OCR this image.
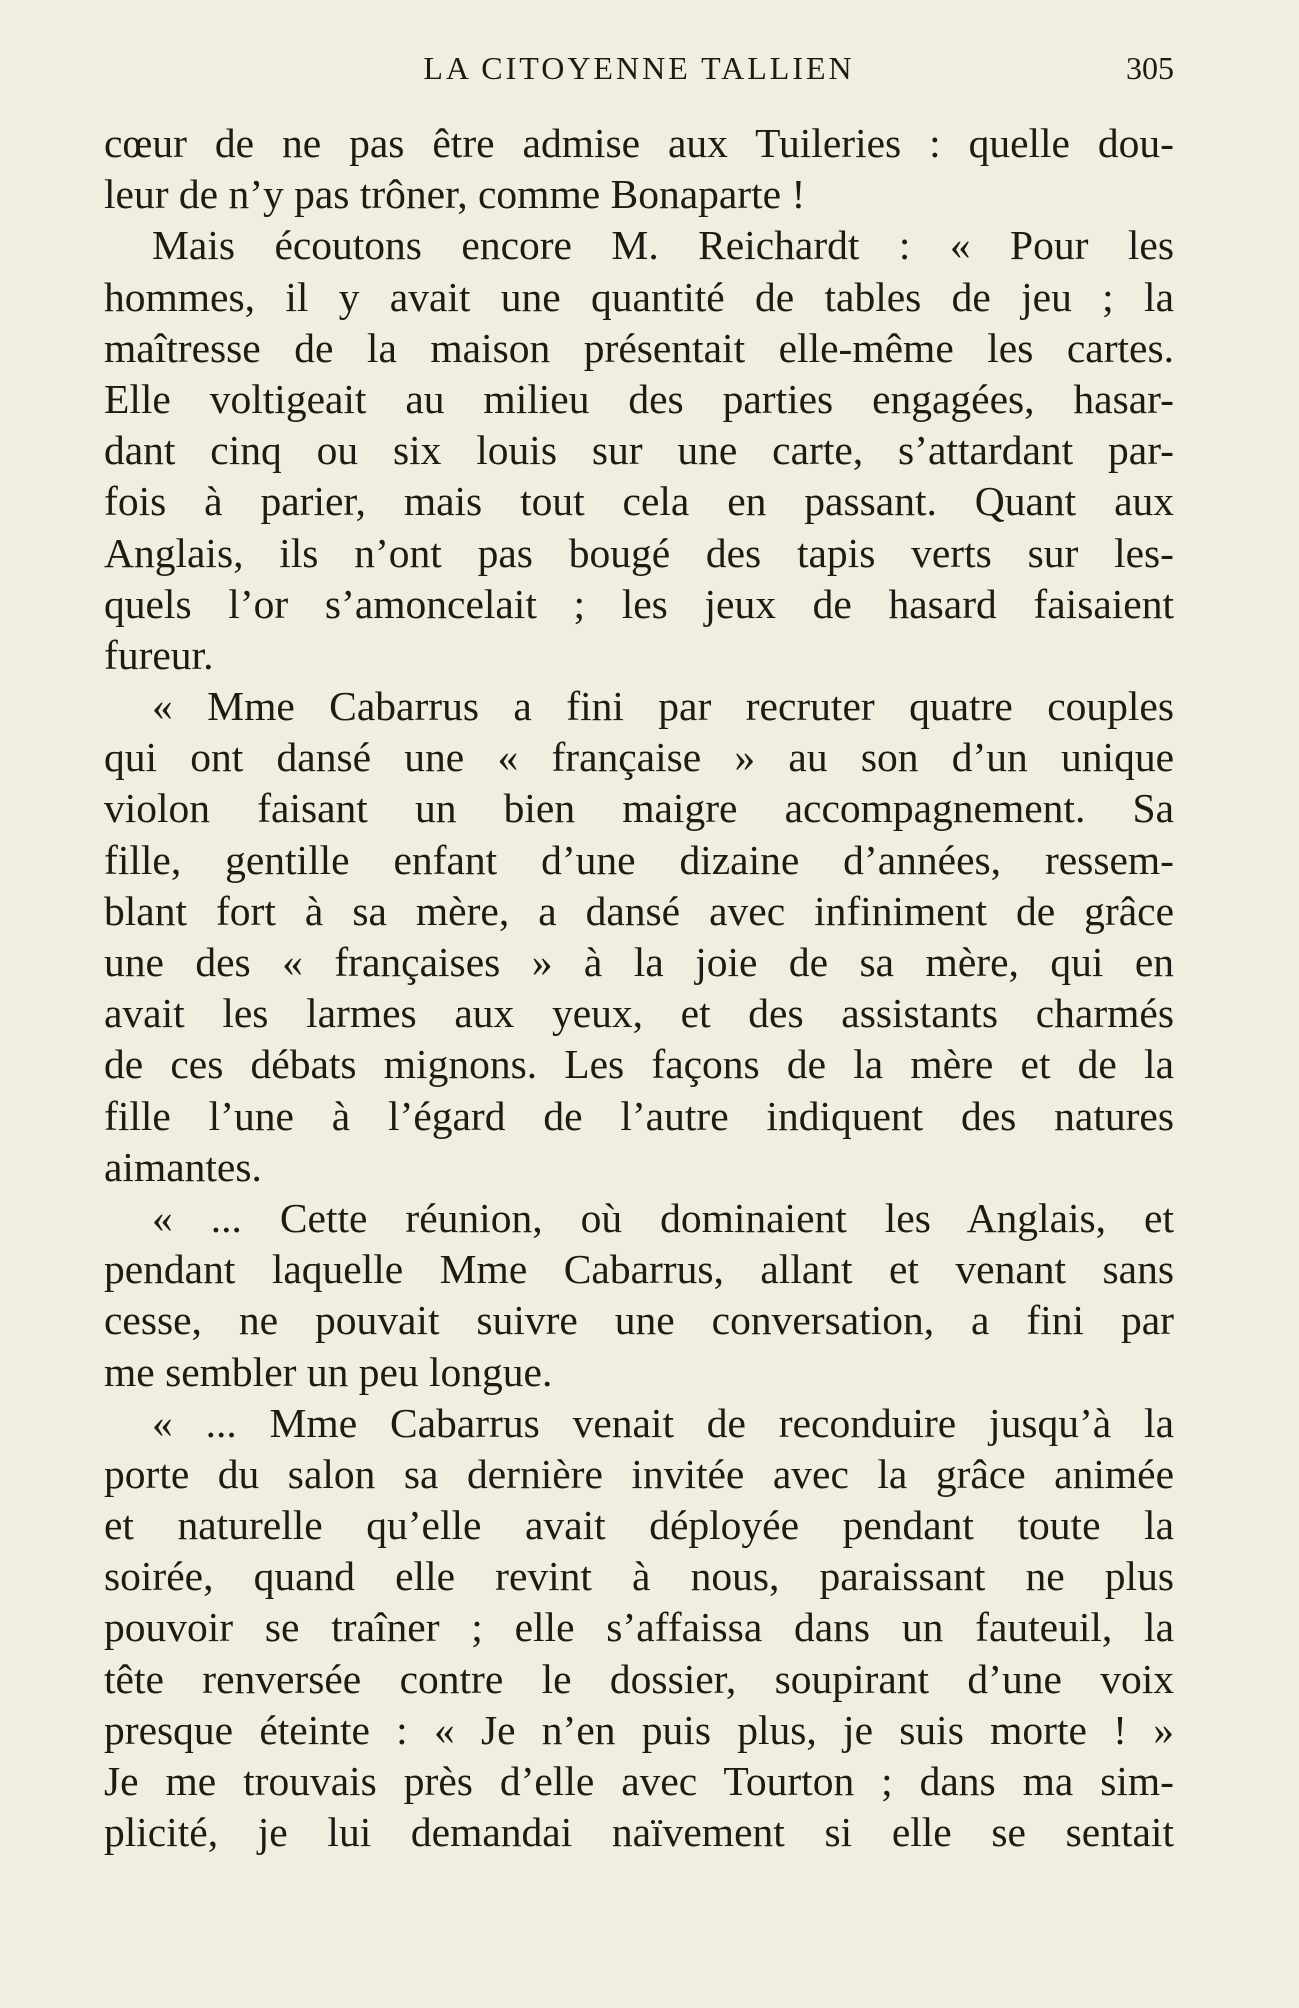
LA CITOYENNE TALLIEN	305
cœur de ne pas être admise aux Tuileries : quelle dou-
leur de n’y pas trôner, comme Bonaparte !
Mais écoutons encore M. Reichardt : « Pour les
hommes, il y avait une quantité de tables de jeu ; la
maîtresse de la maison présentait elle-même les cartes.
Elle voltigeait au milieu des parties engagées, hasar-
dant cinq ou six louis sur une carte, s’attardant par-
fois à parier, mais tout cela en passant. Quant aux
Anglais, ils n’ont pas bougé des tapis verts sur les-
quels l’or s’amoncelait ; les jeux de hasard faisaient
fureur.
« Mme Cabarrus a fini par recruter quatre couples
qui ont dansé une « française » au son d’un unique
violon faisant un bien maigre accompagnement. Sa
fille, gentille enfant d’une dizaine d’années, ressem-
blant fort à sa mère, a dansé avec infiniment de grâce
une des « françaises » à la joie de sa mère, qui en
avait les larmes aux yeux, et des assistants charmés
de ces débats mignons. Les façons de la mère et de la
fille l’une à l’égard de l’autre indiquent des natures
aimantes.
« ... Cette réunion, où dominaient les Anglais, et
pendant laquelle Mme Cabarrus, allant et venant sans
cesse, ne pouvait suivre une conversation, a fini par
me sembler un peu longue.
« ... Mme Cabarrus venait de reconduire jusqu’à la
porte du salon sa dernière invitée avec la grâce animée
et naturelle qu’elle avait déployée pendant toute la
soirée, quand elle revint à nous, paraissant ne plus
pouvoir se traîner ; elle s’affaissa dans un fauteuil, la
tête renversée contre le dossier, soupirant d’une voix
presque éteinte : « Je n’en puis plus, je suis morte ! »
Je me trouvais près d’elle avec Tourton ; dans ma sim-
plicité, je lui demandai naïvement si elle se sentait
